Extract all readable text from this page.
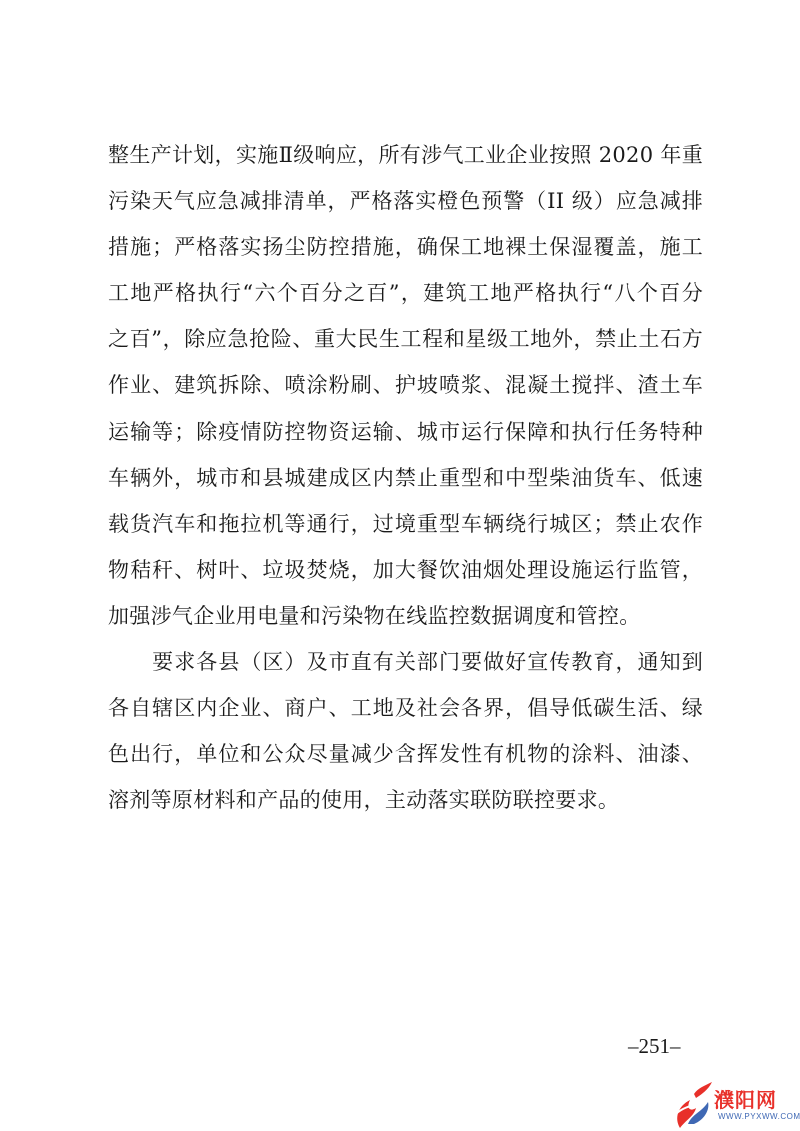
整生产计划，实施Ⅱ级响应，所有涉气工业企业按照 2020 年重
污染天气应急减排清单，严格落实橙色预警（II 级）应急减排
措施；严格落实扬尘防控措施，确保工地裸土保湿覆盖，施工
工地严格执行“六个百分之百”，建筑工地严格执行“八个百分
之百”，除应急抢险、重大民生工程和星级工地外，禁止土石方
作业、建筑拆除、喷涂粉刷、护坡喷浆、混凝土搅拌、渣土车
运输等；除疫情防控物资运输、城市运行保障和执行任务特种
车辆外，城市和县城建成区内禁止重型和中型柴油货车、低速
载货汽车和拖拉机等通行，过境重型车辆绕行城区；禁止农作
物秸秆、树叶、垃圾焚烧，加大餐饮油烟处理设施运行监管，
加强涉气企业用电量和污染物在线监控数据调度和管控。
　　要求各县（区）及市直有关部门要做好宣传教育，通知到
各自辖区内企业、商户、工地及社会各界，倡导低碳生活、绿
色出行，单位和公众尽量减少含挥发性有机物的涂料、油漆、
溶剂等原材料和产品的使用，主动落实联防联控要求。
–251–
濮阳网
WWW.PYXWW.COM
